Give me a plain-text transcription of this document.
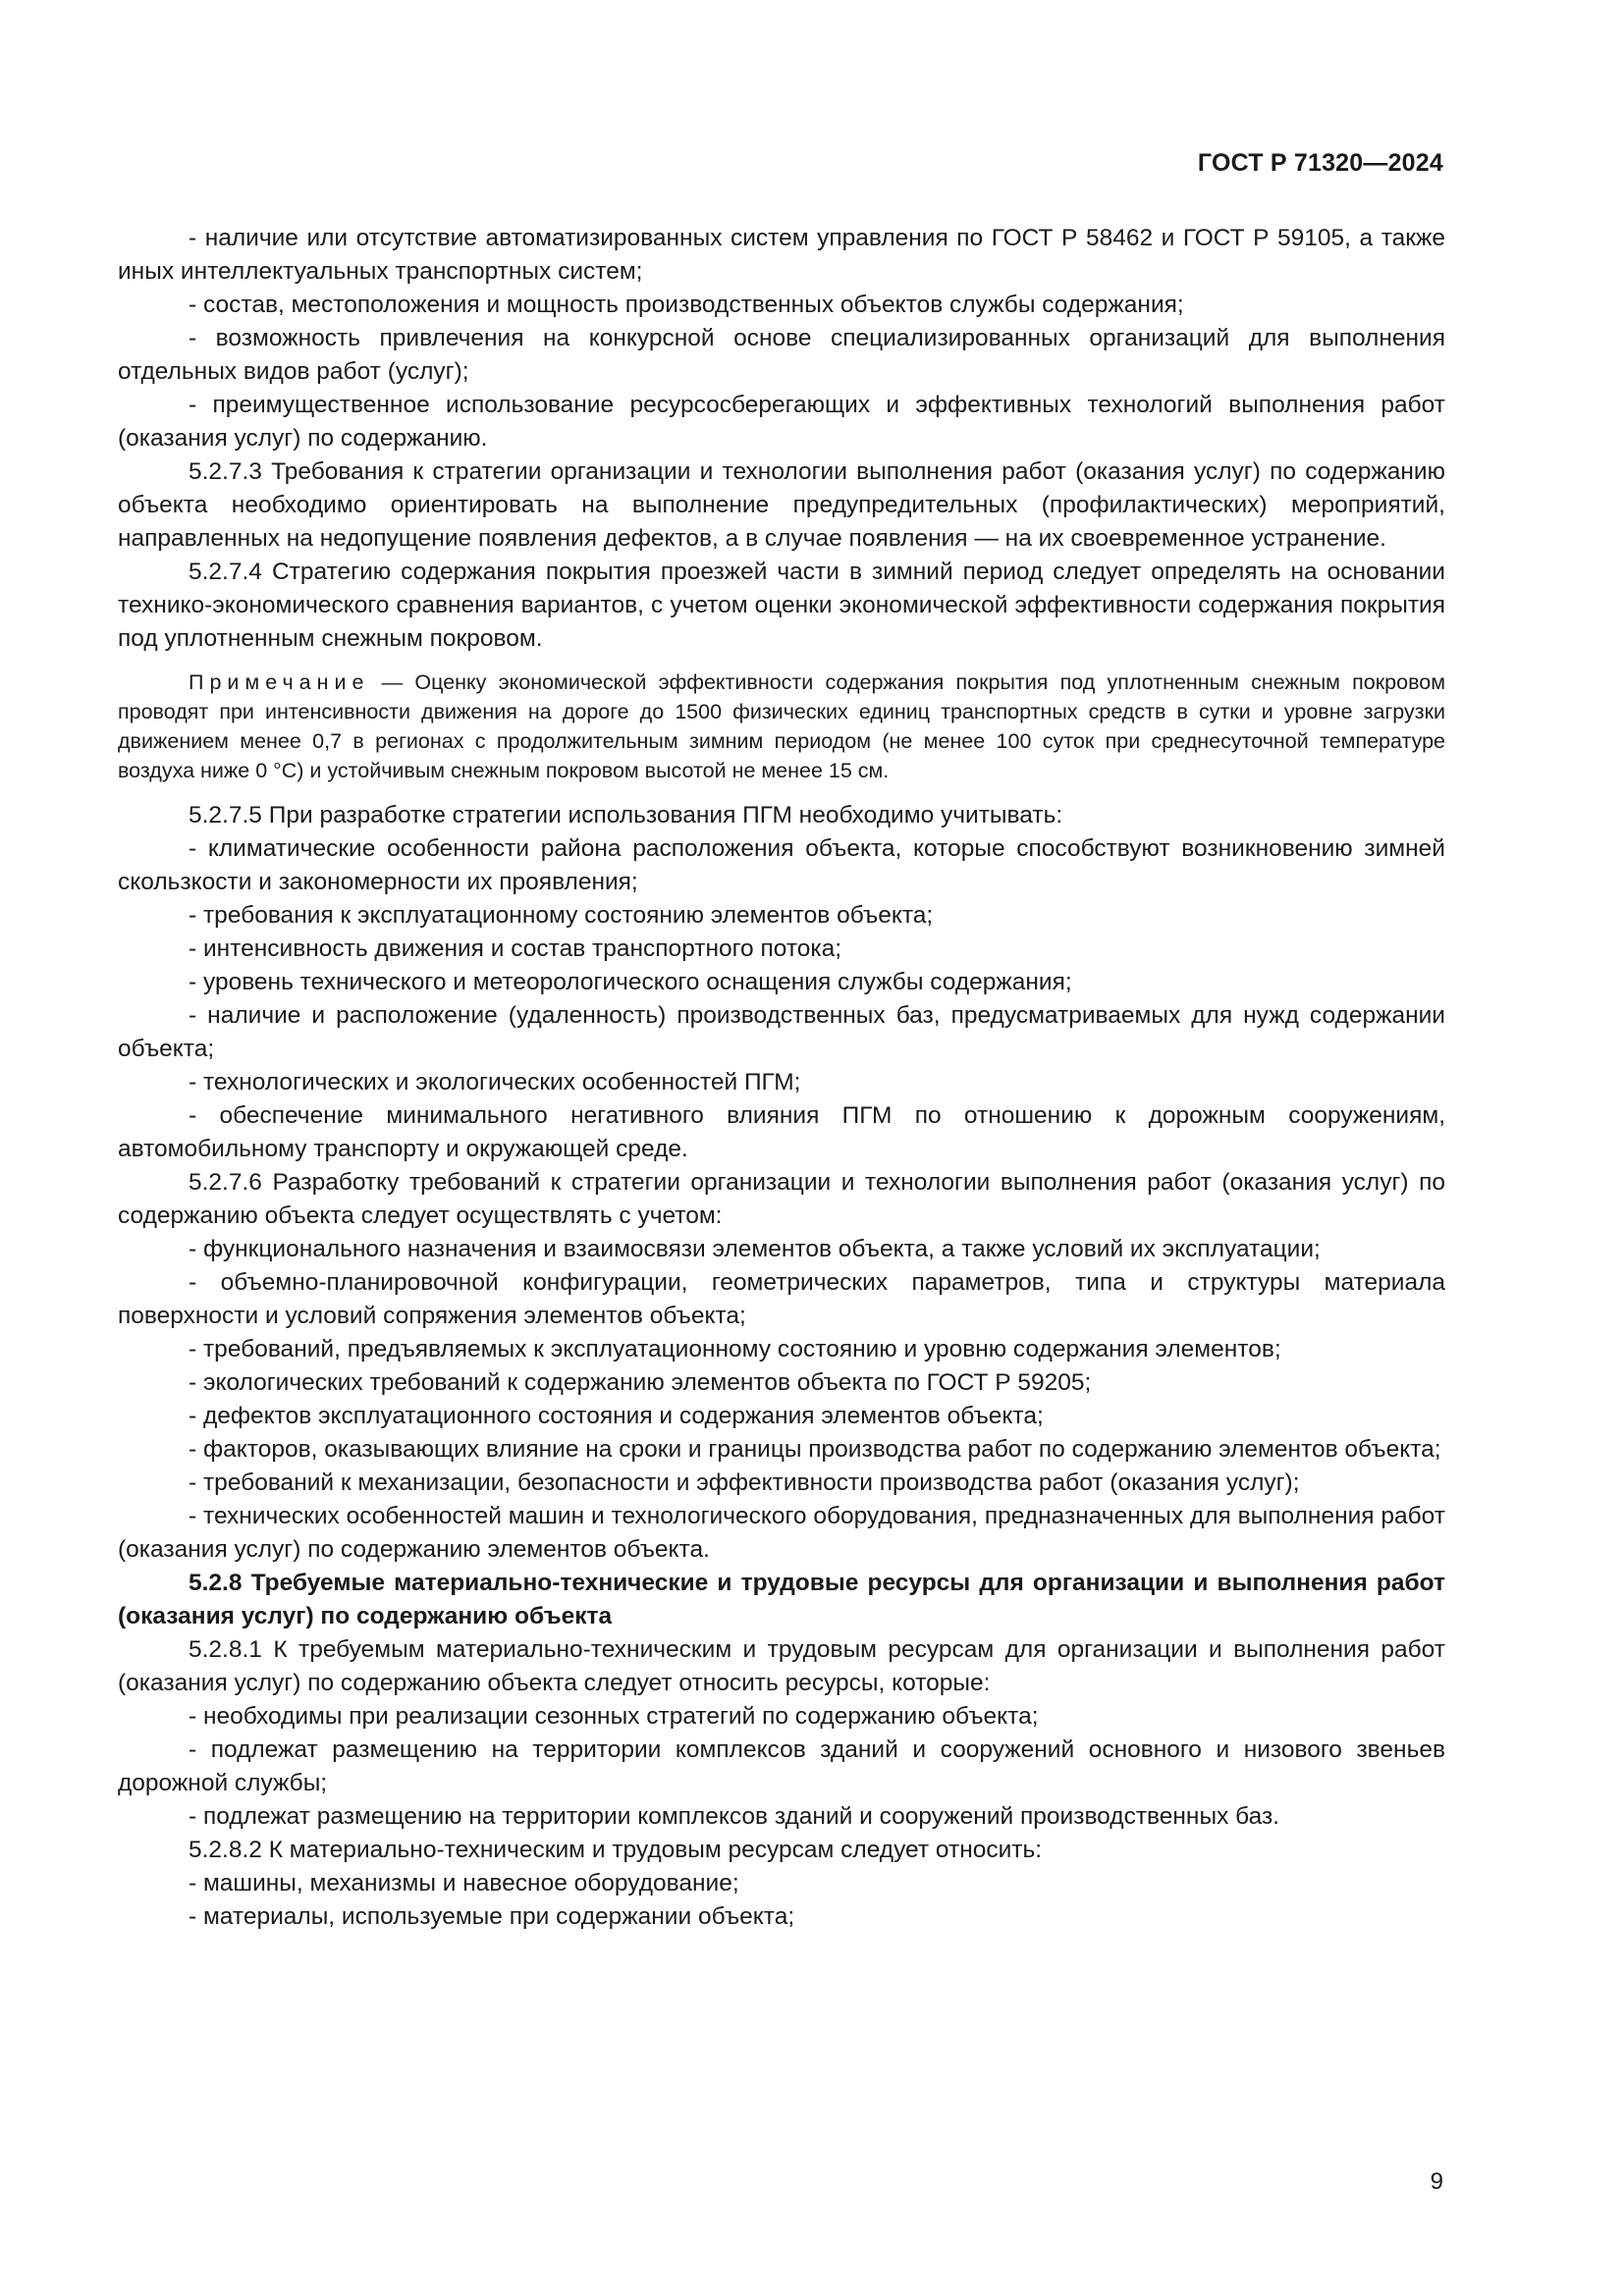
ГОСТ Р 71320—2024

- наличие или отсутствие автоматизированных систем управления по ГОСТ Р 58462 и ГОСТ Р 59105, а также иных интеллектуальных транспортных систем;

- состав, местоположения и мощность производственных объектов службы содержания;

- возможность привлечения на конкурсной основе специализированных организаций для выполнения отдельных видов работ (услуг);

- преимущественное использование ресурсосберегающих и эффективных технологий выполнения работ (оказания услуг) по содержанию.

5.2.7.3 Требования к стратегии организации и технологии выполнения работ (оказания услуг) по содержанию объекта необходимо ориентировать на выполнение предупредительных (профилактических) мероприятий, направленных на недопущение появления дефектов, а в случае появления — на их своевременное устранение.

5.2.7.4 Стратегию содержания покрытия проезжей части в зимний период следует определять на основании технико-экономического сравнения вариантов, с учетом оценки экономической эффективности содержания покрытия под уплотненным снежным покровом.

Примечание — Оценку экономической эффективности содержания покрытия под уплотненным снежным покровом проводят при интенсивности движения на дороге до 1500 физических единиц транспортных средств в сутки и уровне загрузки движением менее 0,7 в регионах с продолжительным зимним периодом (не менее 100 суток при среднесуточной температуре воздуха ниже 0 °C) и устойчивым снежным покровом высотой не менее 15 см.

5.2.7.5 При разработке стратегии использования ПГМ необходимо учитывать:

- климатические особенности района расположения объекта, которые способствуют возникновению зимней скользкости и закономерности их проявления;

- требования к эксплуатационному состоянию элементов объекта;

- интенсивность движения и состав транспортного потока;

- уровень технического и метеорологического оснащения службы содержания;

- наличие и расположение (удаленность) производственных баз, предусматриваемых для нужд содержании объекта;

- технологических и экологических особенностей ПГМ;

- обеспечение минимального негативного влияния ПГМ по отношению к дорожным сооружениям, автомобильному транспорту и окружающей среде.

5.2.7.6 Разработку требований к стратегии организации и технологии выполнения работ (оказания услуг) по содержанию объекта следует осуществлять с учетом:

- функционального назначения и взаимосвязи элементов объекта, а также условий их эксплуатации;

- объемно-планировочной конфигурации, геометрических параметров, типа и структуры материала поверхности и условий сопряжения элементов объекта;

- требований, предъявляемых к эксплуатационному состоянию и уровню содержания элементов;

- экологических требований к содержанию элементов объекта по ГОСТ Р 59205;

- дефектов эксплуатационного состояния и содержания элементов объекта;

- факторов, оказывающих влияние на сроки и границы производства работ по содержанию элементов объекта;

- требований к механизации, безопасности и эффективности производства работ (оказания услуг);

- технических особенностей машин и технологического оборудования, предназначенных для выполнения работ (оказания услуг) по содержанию элементов объекта.

5.2.8 Требуемые материально-технические и трудовые ресурсы для организации и выполнения работ (оказания услуг) по содержанию объекта

5.2.8.1 К требуемым материально-техническим и трудовым ресурсам для организации и выполнения работ (оказания услуг) по содержанию объекта следует относить ресурсы, которые:

- необходимы при реализации сезонных стратегий по содержанию объекта;

- подлежат размещению на территории комплексов зданий и сооружений основного и низового звеньев дорожной службы;

- подлежат размещению на территории комплексов зданий и сооружений производственных баз.

5.2.8.2 К материально-техническим и трудовым ресурсам следует относить:

- машины, механизмы и навесное оборудование;

- материалы, используемые при содержании объекта;

9
